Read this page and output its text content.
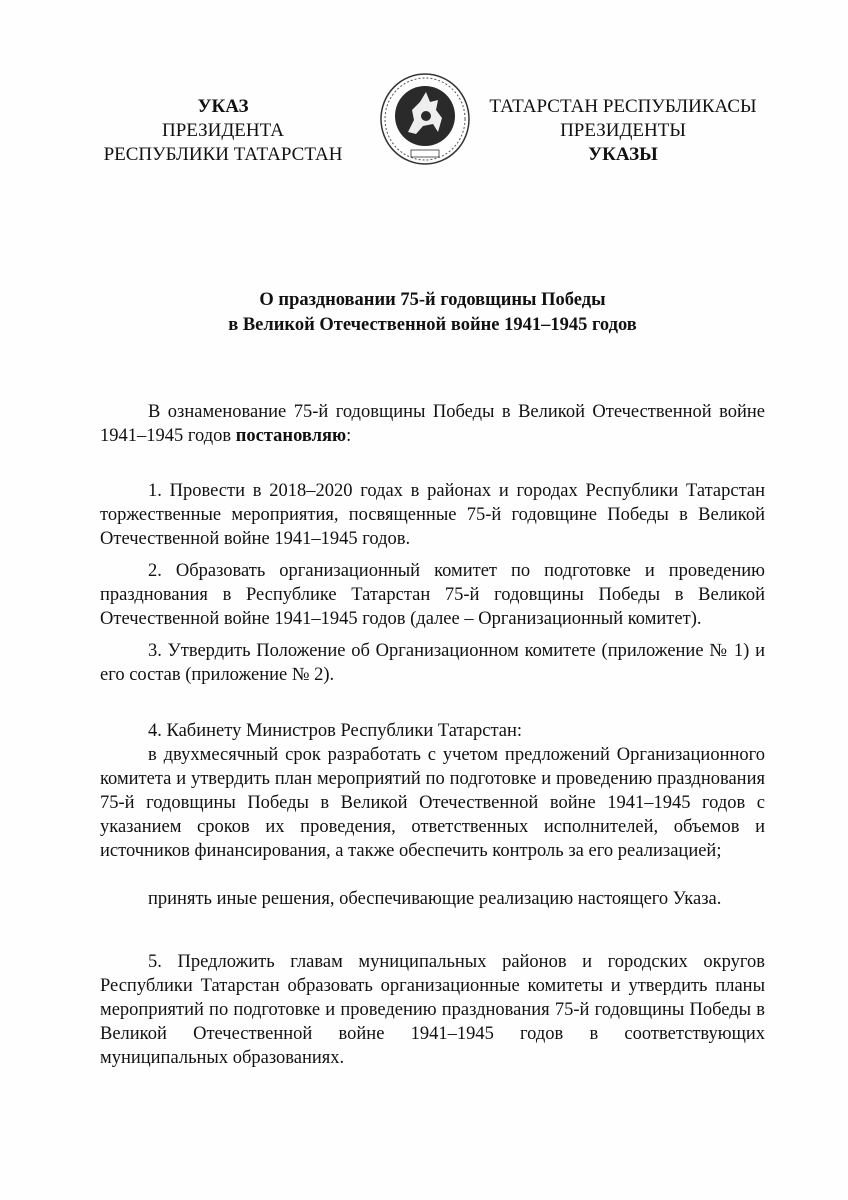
УКАЗ
ПРЕЗИДЕНТА
РЕСПУБЛИКИ ТАТАРСТАН
ТАТАРСТАН РЕСПУБЛИКАСЫ
ПРЕЗИДЕНТЫ
УКАЗЫ
О праздновании 75-й годовщины Победы
в Великой Отечественной войне 1941–1945 годов

В ознаменование 75-й годовщины Победы в Великой Отечественной войне 1941–1945 годов постановляю:

1. Провести в 2018–2020 годах в районах и городах Республики Татарстан торжественные мероприятия, посвященные 75-й годовщине Победы в Великой Отечественной войне 1941–1945 годов.

2. Образовать организационный комитет по подготовке и проведению празднования в Республике Татарстан 75-й годовщины Победы в Великой Отечественной войне 1941–1945 годов (далее – Организационный комитет).

3. Утвердить Положение об Организационном комитете (приложение № 1) и его состав (приложение № 2).

4. Кабинету Министров Республики Татарстан:

в двухмесячный срок разработать с учетом предложений Организационного комитета и утвердить план мероприятий по подготовке и проведению празднования 75-й годовщины Победы в Великой Отечественной войне 1941–1945 годов с указанием сроков их проведения, ответственных исполнителей, объемов и источников финансирования, а также обеспечить контроль за его реализацией;

принять иные решения, обеспечивающие реализацию настоящего Указа.

5. Предложить главам муниципальных районов и городских округов Республики Татарстан образовать организационные комитеты и утвердить планы мероприятий по подготовке и проведению празднования 75-й годовщины Победы в Великой Отечественной войне 1941–1945 годов в соответствующих муниципальных образованиях.
